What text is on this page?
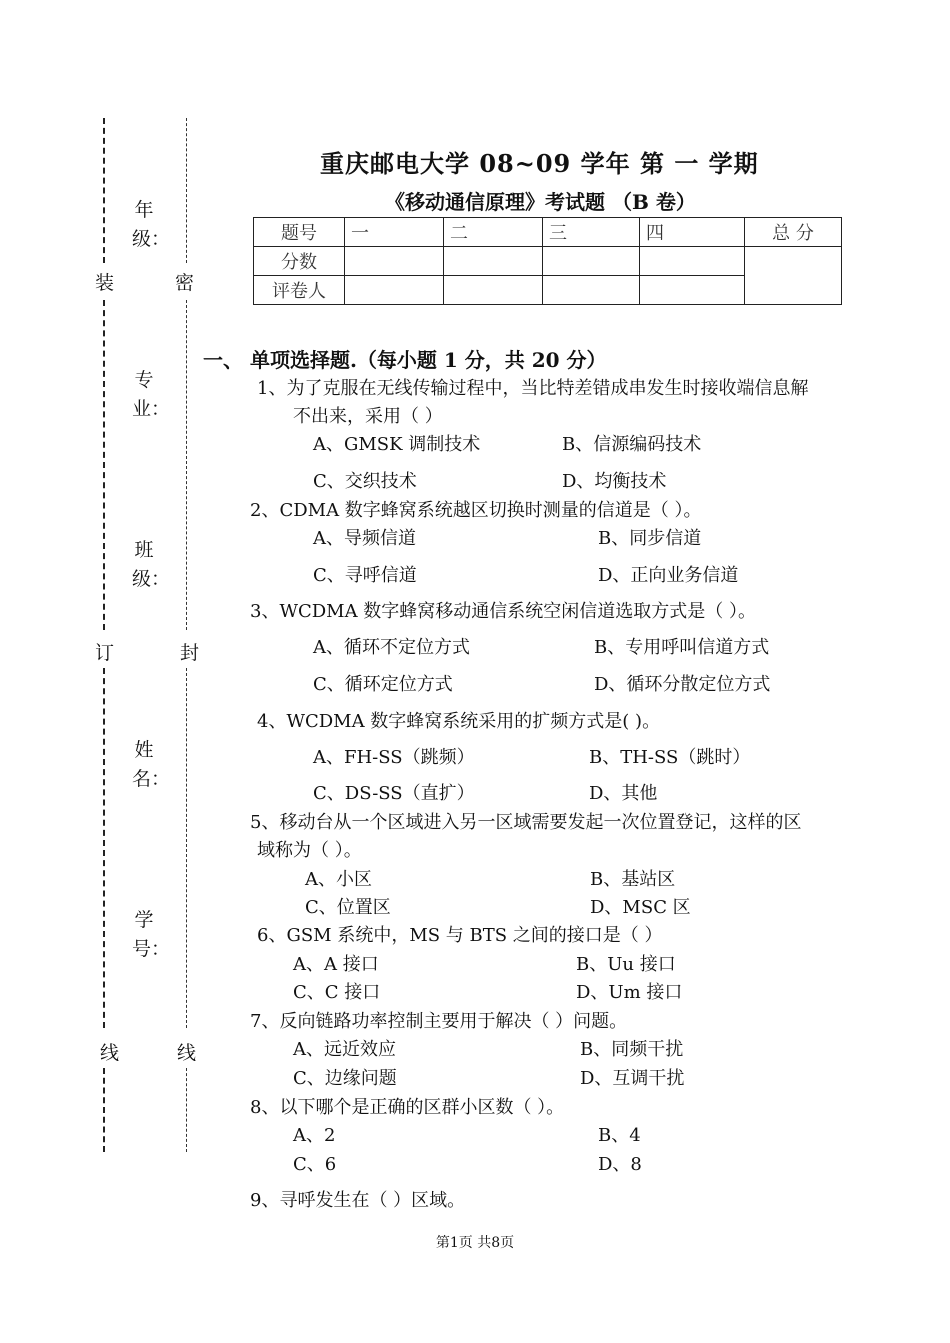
装
订
线
密
封
线
年级：
专业：
班级：
姓名：
学号：
重庆邮电大学 08~09 学年 第 一 学期
《移动通信原理》考试题 （B 卷）
题号	一	二	三	四	总 分
分数					
评卷人					
一、 单项选择题.（每小题 1 分，共 20 分）
1、为了克服在无线传输过程中，当比特差错成串发生时接收端信息解
不出来，采用（ ）
A、GMSK 调制技术	B、信源编码技术
C、交织技术	D、均衡技术
2、CDMA 数字蜂窝系统越区切换时测量的信道是（ ）。
A、导频信道	B、同步信道
C、寻呼信道	D、正向业务信道
3、WCDMA 数字蜂窝移动通信系统空闲信道选取方式是（ ）。
A、循环不定位方式	B、专用呼叫信道方式
C、循环定位方式	D、循环分散定位方式
4、WCDMA 数字蜂窝系统采用的扩频方式是( )。
A、FH-SS（跳频）	B、TH-SS（跳时）
C、DS-SS（直扩）	D、其他
5、移动台从一个区域进入另一区域需要发起一次位置登记，这样的区
域称为（ ）。
A、小区	B、基站区
C、位置区	D、MSC 区
6、GSM 系统中，MS 与 BTS 之间的接口是（ ）
A、A 接口	B、Uu 接口
C、C 接口	D、Um 接口
7、反向链路功率控制主要用于解决（ ）问题。
A、远近效应	B、同频干扰
C、边缘问题	D、互调干扰
8、以下哪个是正确的区群小区数（ ）。
A、2	B、4
C、6	D、8
9、寻呼发生在（ ）区域。
第1页 共8页
